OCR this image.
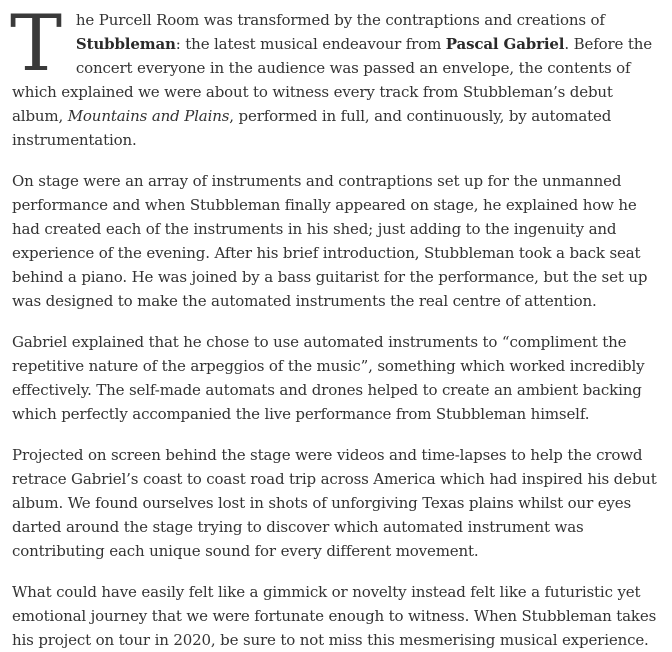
The Purcell Room was transformed by the contraptions and creations of Stubbleman: the latest musical endeavour from Pascal Gabriel. Before the concert everyone in the audience was passed an envelope, the contents of which explained we were about to witness every track from Stubbleman’s debut album, Mountains and Plains, performed in full, and continuously, by automated instrumentation.

On stage were an array of instruments and contraptions set up for the unmanned performance and when Stubbleman finally appeared on stage, he explained how he had created each of the instruments in his shed; just adding to the ingenuity and experience of the evening. After his brief introduction, Stubbleman took a back seat behind a piano. He was joined by a bass guitarist for the performance, but the set up was designed to make the automated instruments the real centre of attention.

Gabriel explained that he chose to use automated instruments to “compliment the repetitive nature of the arpeggios of the music”, something which worked incredibly effectively. The self-made automats and drones helped to create an ambient backing which perfectly accompanied the live performance from Stubbleman himself.

Projected on screen behind the stage were videos and time-lapses to help the crowd retrace Gabriel’s coast to coast road trip across America which had inspired his debut album. We found ourselves lost in shots of unforgiving Texas plains whilst our eyes darted around the stage trying to discover which automated instrument was contributing each unique sound for every different movement.

What could have easily felt like a gimmick or novelty instead felt like a futuristic yet emotional journey that we were fortunate enough to witness. When Stubbleman takes his project on tour in 2020, be sure to not miss this mesmerising musical experience.
